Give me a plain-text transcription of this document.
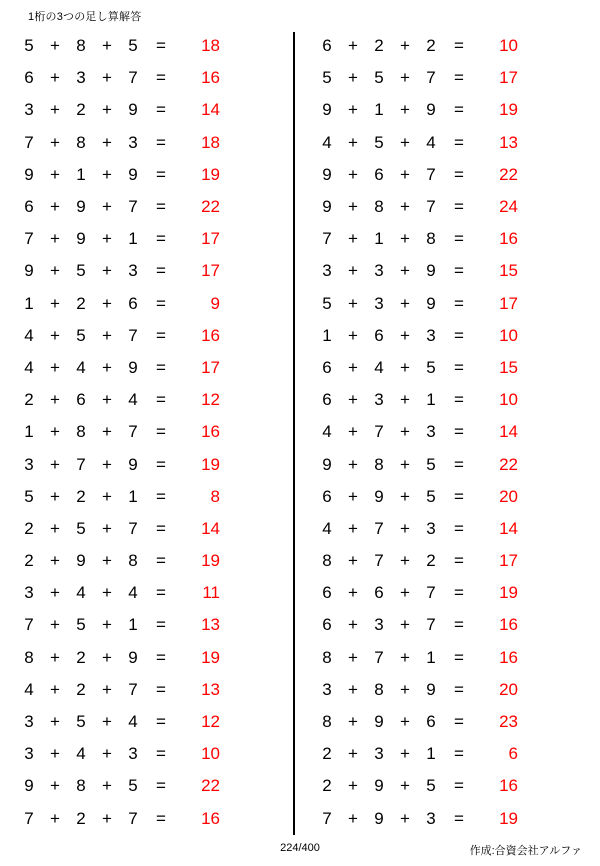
1桁の3つの足し算解答
5 + 8 + 5	=	18
6 + 3 + 7	=	16
3 + 2 + 9	=	14
7 + 8 + 3	=	18
9 + 1 + 9	=	19
6 + 9 + 7	=	22
7 + 9 + 1	=	17
9 + 5 + 3	=	17
1 + 2 + 6	=	9
4 + 5 + 7	=	16
4 + 4 + 9	=	17
2 + 6 + 4	=	12
1 + 8 + 7	=	16
3 + 7 + 9	=	19
5 + 2 + 1	=	8
2 + 5 + 7	=	14
2 + 9 + 8	=	19
3 + 4 + 4	=	11
7 + 5 + 1	=	13
8 + 2 + 9	=	19
4 + 2 + 7	=	13
3 + 5 + 4	=	12
3 + 4 + 3	=	10
9 + 8 + 5	=	22
7 + 2 + 7	=	16
6 + 2 + 2	=	10
5 + 5 + 7	=	17
9 + 1 + 9	=	19
4 + 5 + 4	=	13
9 + 6 + 7	=	22
9 + 8 + 7	=	24
7 + 1 + 8	=	16
3 + 3 + 9	=	15
5 + 3 + 9	=	17
1 + 6 + 3	=	10
6 + 4 + 5	=	15
6 + 3 + 1	=	10
4 + 7 + 3	=	14
9 + 8 + 5	=	22
6 + 9 + 5	=	20
4 + 7 + 3	=	14
8 + 7 + 2	=	17
6 + 6 + 7	=	19
6 + 3 + 7	=	16
8 + 7 + 1	=	16
3 + 8 + 9	=	20
8 + 9 + 6	=	23
2 + 3 + 1	=	6
2 + 9 + 5	=	16
7 + 9 + 3	=	19
224/400	作成:合資会社アルファ
